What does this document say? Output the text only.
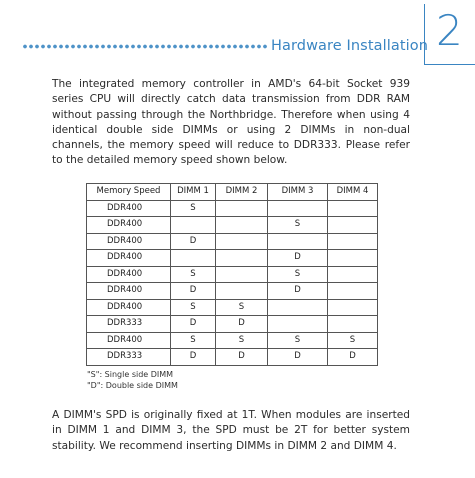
Hardware Installation 2

The integrated memory controller in AMD's 64-bit Socket 939 series CPU will directly catch data transmission from DDR RAM without passing through the Northbridge. Therefore when using 4 identical double side DIMMs or using 2 DIMMs in non-dual channels, the memory speed will reduce to DDR333. Please refer to the detailed memory speed shown below.

Memory Speed	DIMM 1	DIMM 2	DIMM 3	DIMM 4
DDR400	S			
DDR400			S	
DDR400	D			
DDR400			D	
DDR400	S		S	
DDR400	D		D	
DDR400	S	S		
DDR333	D	D		
DDR400	S	S	S	S
DDR333	D	D	D	D
"S": Single side DIMM
"D": Double side DIMM

A DIMM's SPD is originally fixed at 1T. When modules are inserted in DIMM 1 and DIMM 3, the SPD must be 2T for better system stability. We recommend inserting DIMMs in DIMM 2 and DIMM 4.
